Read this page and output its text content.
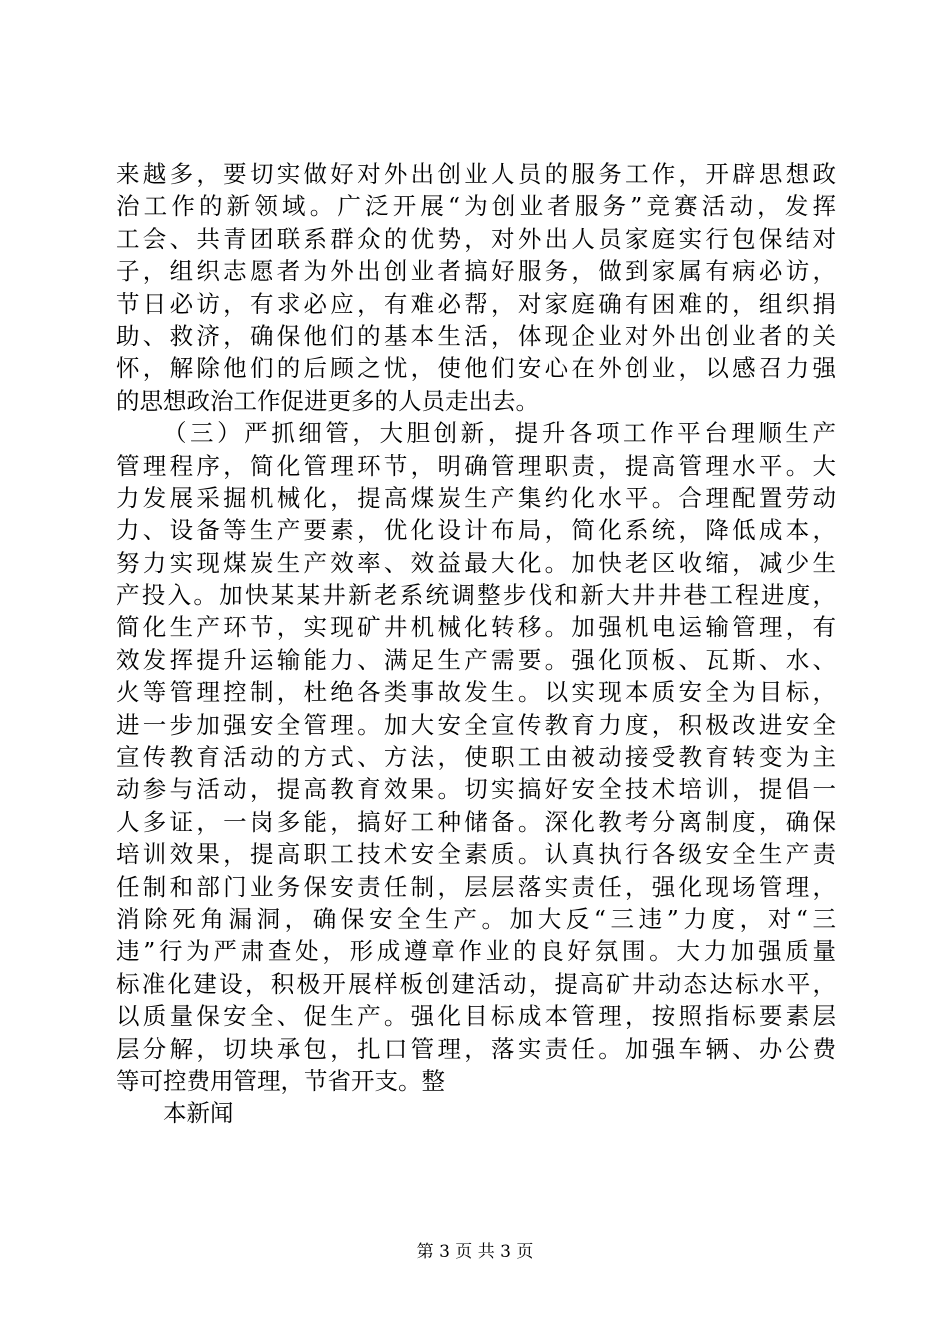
来越多，要切实做好对外出创业人员的服务工作，开辟思想政
治工作的新领域。广泛开展“为创业者服务”竞赛活动，发挥
工会、共青团联系群众的优势，对外出人员家庭实行包保结对
子，组织志愿者为外出创业者搞好服务，做到家属有病必访，
节日必访，有求必应，有难必帮，对家庭确有困难的，组织捐
助、救济，确保他们的基本生活，体现企业对外出创业者的关
怀，解除他们的后顾之忧，使他们安心在外创业，以感召力强
的思想政治工作促进更多的人员走出去。
（三）严抓细管，大胆创新，提升各项工作平台理顺生产
管理程序，简化管理环节，明确管理职责，提高管理水平。大
力发展采掘机械化，提高煤炭生产集约化水平。合理配置劳动
力、设备等生产要素，优化设计布局，简化系统，降低成本，
努力实现煤炭生产效率、效益最大化。加快老区收缩，减少生
产投入。加快某某井新老系统调整步伐和新大井井巷工程进度，
简化生产环节，实现矿井机械化转移。加强机电运输管理，有
效发挥提升运输能力、满足生产需要。强化顶板、瓦斯、水、
火等管理控制，杜绝各类事故发生。以实现本质安全为目标，
进一步加强安全管理。加大安全宣传教育力度，积极改进安全
宣传教育活动的方式、方法，使职工由被动接受教育转变为主
动参与活动，提高教育效果。切实搞好安全技术培训，提倡一
人多证，一岗多能，搞好工种储备。深化教考分离制度，确保
培训效果，提高职工技术安全素质。认真执行各级安全生产责
任制和部门业务保安责任制，层层落实责任，强化现场管理，
消除死角漏洞，确保安全生产。加大反“三违”力度，对“三
违”行为严肃查处，形成遵章作业的良好氛围。大力加强质量
标准化建设，积极开展样板创建活动，提高矿井动态达标水平，
以质量保安全、促生产。强化目标成本管理，按照指标要素层
层分解，切块承包，扎口管理，落实责任。加强车辆、办公费
等可控费用管理，节省开支。整
本新闻
第 3 页 共 3 页
